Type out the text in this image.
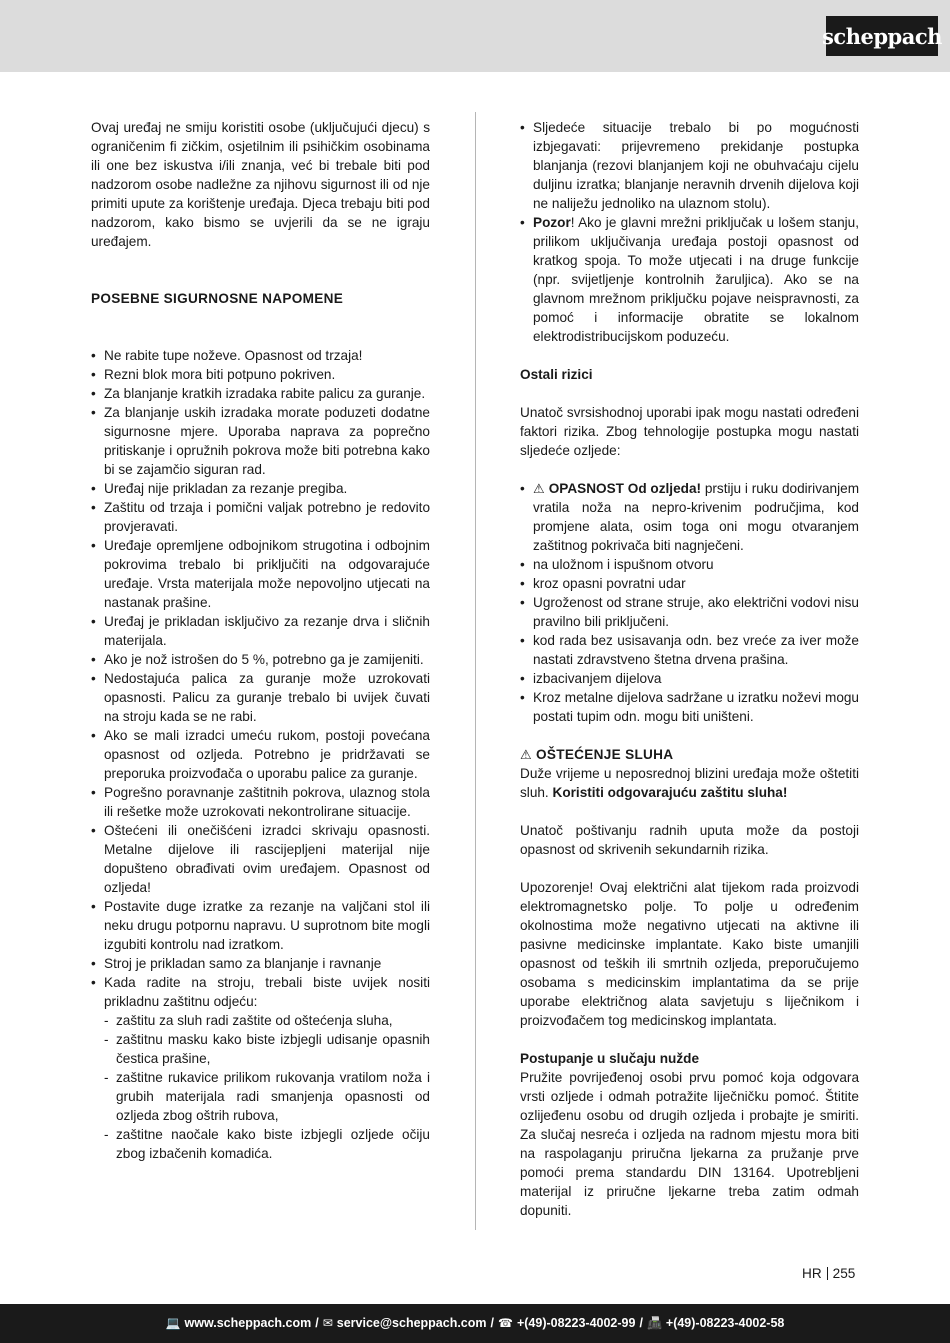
scheppach

Ovaj uređaj ne smiju koristiti osobe (uključujući djecu) s ograničenim fi zičkim, osjetilnim ili psihičkim osobinama ili one bez iskustva i/ili znanja, već bi trebale biti pod nadzorom osobe nadležne za njihovu sigurnost ili od nje primiti upute za korištenje uređaja. Djeca trebaju biti pod nadzorom, kako bismo se uvjerili da se ne igraju uređajem.

POSEBNE SIGURNOSNE NAPOMENE

• Ne rabite tupe noževe. Opasnost od trzaja!
• Rezni blok mora biti potpuno pokriven.
• Za blanjanje kratkih izradaka rabite palicu za guranje.
• Za blanjanje uskih izradaka morate poduzeti dodatne sigurnosne mjere. Uporaba naprava za poprečno pritiskanje i opružnih pokrova može biti potrebna kako bi se zajamčio siguran rad.
• Uređaj nije prikladan za rezanje pregiba.
• Zaštitu od trzaja i pomični valjak potrebno je redovito provjeravati.
• Uređaje opremljene odbojnikom strugotina i odbojnim pokrovima trebalo bi priključiti na odgovarajuće uređaje. Vrsta materijala može nepovoljno utjecati na nastanak prašine.
• Uređaj je prikladan isključivo za rezanje drva i sličnih materijala.
• Ako je nož istrošen do 5 %, potrebno ga je zamijeniti.
• Nedostajuća palica za guranje može uzrokovati opasnosti. Palicu za guranje trebalo bi uvijek čuvati na stroju kada se ne rabi.
• Ako se mali izradci umeću rukom, postoji povećana opasnost od ozljeda. Potrebno je pridržavati se preporuka proizvođača o uporabu palice za guranje.
• Pogrešno poravnanje zaštitnih pokrova, ulaznog stola ili rešetke može uzrokovati nekontrolirane situacije.
• Oštećeni ili onečišćeni izradci skrivaju opasnosti. Metalne dijelove ili rascijepljeni materijal nije dopušteno obrađivati ovim uređajem. Opasnost od ozljeda!
• Postavite duge izratke za rezanje na valjčani stol ili neku drugu potpornu napravu. U suprotnom bite mogli izgubiti kontrolu nad izratkom.
• Stroj je prikladan samo za blanjanje i ravnanje
• Kada radite na stroju, trebali biste uvijek nositi prikladnu zaštitnu odjeću:
- zaštitu za sluh radi zaštite od oštećenja sluha,
- zaštitnu masku kako biste izbjegli udisanje opasnih čestica prašine,
- zaštitne rukavice prilikom rukovanja vratilom noža i grubih materijala radi smanjenja opasnosti od ozljeda zbog oštrih rubova,
- zaštitne naočale kako biste izbjegli ozljede očiju zbog izbačenih komadića.
• Sljedeće situacije trebalo bi po mogućnosti izbjegavati: prijevremeno prekidanje postupka blanjanja (rezovi blanjanjem koji ne obuhvaćaju cijelu duljinu izratka; blanjanje neravnih drvenih dijelova koji ne naliježu jednoliko na ulaznom stolu).
• Pozor! Ako je glavni mrežni priključak u lošem stanju, prilikom uključivanja uređaja postoji opasnost od kratkog spoja. To može utjecati i na druge funkcije (npr. svijetljenje kontrolnih žaruljica). Ako se na glavnom mrežnom priključku pojave neispravnosti, za pomoć i informacije obratite se lokalnom elektrodistribucijskom poduzeću.

Ostali rizici

Unatoč svrsishodnoj uporabi ipak mogu nastati određeni faktori rizika. Zbog tehnologije postupka mogu nastati sljedeće ozljede:

• ⚠ OPASNOST Od ozljeda! prstiju i ruku dodirivanjem vratila noža na nepro-krivenim područjima, kod promjene alata, osim toga oni mogu otvaranjem zaštitnog pokrivača biti nagnječeni.
• na uložnom i ispušnom otvoru
• kroz opasni povratni udar
• Ugroženost od strane struje, ako električni vodovi nisu pravilno bili priključeni.
• kod rada bez usisavanja odn. bez vreće za iver može nastati zdravstveno štetna drvena prašina.
• izbacivanjem dijelova
• Kroz metalne dijelova sadržane u izratku noževi mogu postati tupim odn. mogu biti uništeni.

⚠ OŠTEĆENJE SLUHA

Duže vrijeme u neposrednoj blizini uređaja može oštetiti sluh. Koristiti odgovarajuću zaštitu sluha!

Unatoč poštivanju radnih uputa može da postoji opasnost od skrivenih sekundarnih rizika.

Upozorenje! Ovaj električni alat tijekom rada proizvodi elektromagnetsko polje. To polje u određenim okolnostima može negativno utjecati na aktivne ili pasivne medicinske implantate. Kako biste umanjili opasnost od teških ili smrtnih ozljeda, preporučujemo osobama s medicinskim implantatima da se prije uporabe električnog alata savjetuju s liječnikom i proizvođačem tog medicinskog implantata.

Postupanje u slučaju nužde

Pružite povrijeđenoj osobi prvu pomoć koja odgovara vrsti ozljede i odmah potražite liječničku pomoć. Štitite ozlijeđenu osobu od drugih ozljeda i probajte je smiriti. Za slučaj nesreća i ozljeda na radnom mjestu mora biti na raspolaganju priručna ljekarna za pružanje prve pomoći prema standardu DIN 13164. Upotrebljeni materijal iz priručne ljekarne treba zatim odmah dopuniti.

HR 255
💻 www.scheppach.com / ✉ service@scheppach.com / ☎ +(49)-08223-4002-99 / 📠 +(49)-08223-4002-58
